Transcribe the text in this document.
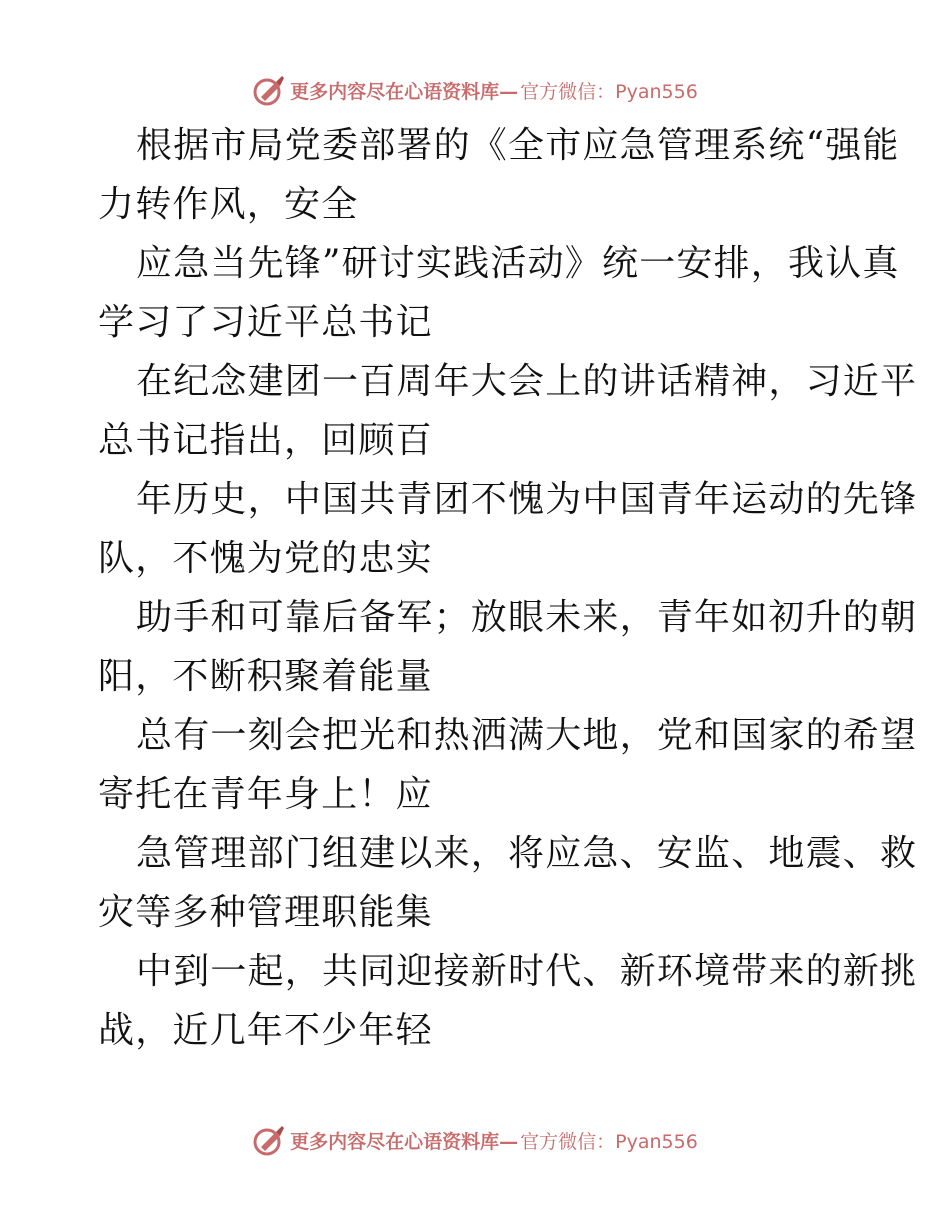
更多内容尽在心语资料库— 官方微信：Pyan556

根据市局党委部署的《全市应急管理系统“强能
力转作风，安全

应急当先锋”研讨实践活动》统一安排，我认真
学习了习近平总书记

在纪念建团一百周年大会上的讲话精神，习近平
总书记指出，回顾百

年历史，中国共青团不愧为中国青年运动的先锋
队，不愧为党的忠实

助手和可靠后备军；放眼未来，青年如初升的朝
阳，不断积聚着能量

总有一刻会把光和热洒满大地，党和国家的希望
寄托在青年身上！应

急管理部门组建以来，将应急、安监、地震、救
灾等多种管理职能集

中到一起，共同迎接新时代、新环境带来的新挑
战，近几年不少年轻

更多内容尽在心语资料库— 官方微信：Pyan556
